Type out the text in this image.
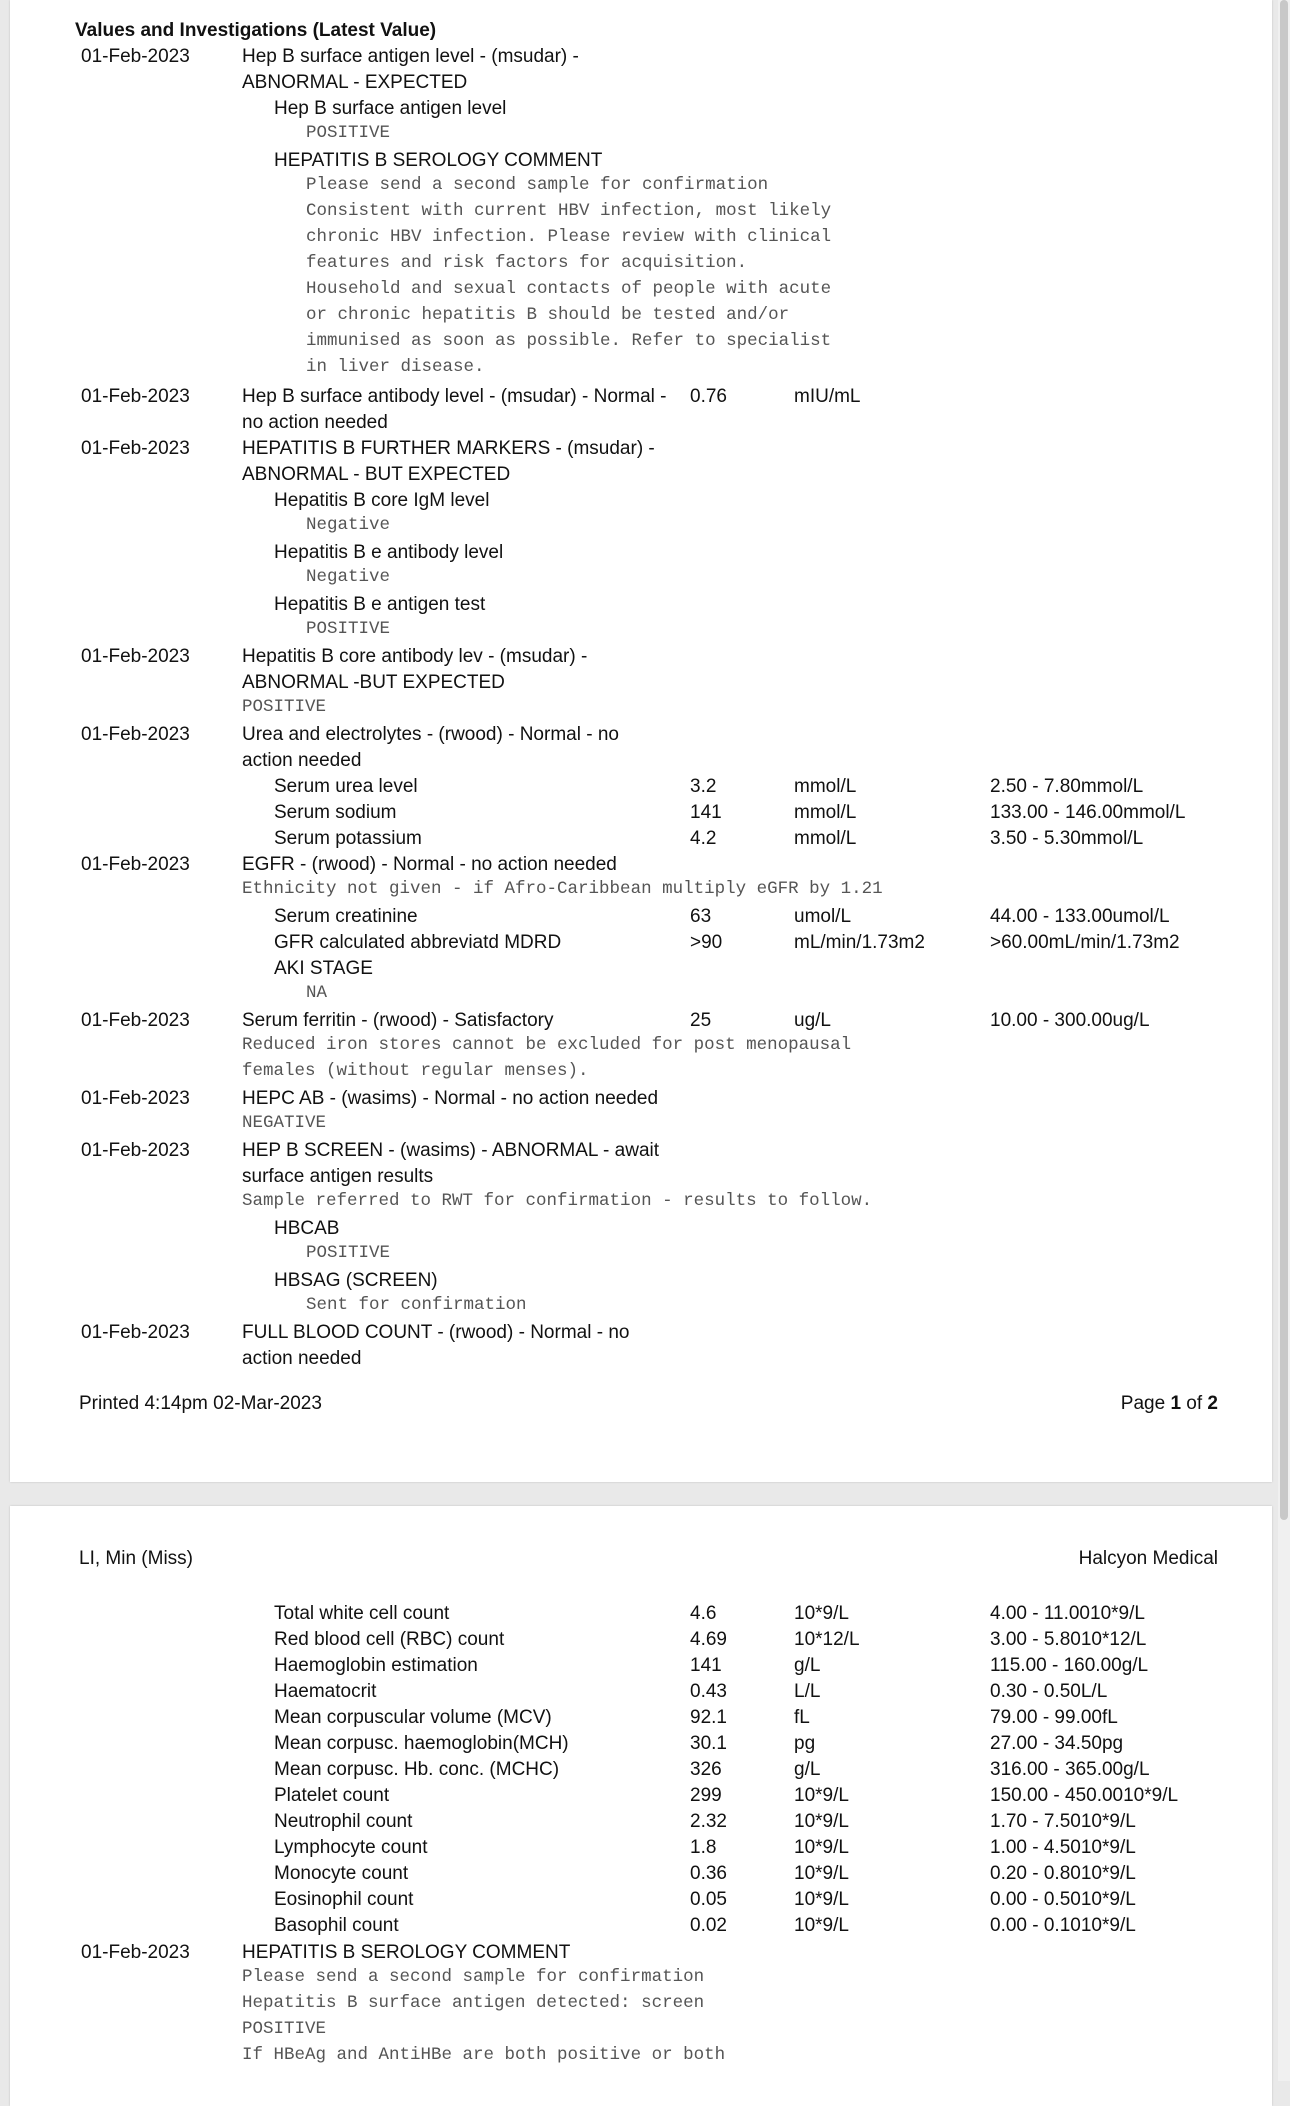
Values and Investigations (Latest Value)
01-Feb-2023	Hep B surface antigen level - (msudar) -
ABNORMAL - EXPECTED
Hep B surface antigen level
POSITIVE
HEPATITIS B SEROLOGY COMMENT
Please send a second sample for confirmation
Consistent with current HBV infection, most likely
chronic HBV infection. Please review with clinical
features and risk factors for acquisition.
Household and sexual contacts of people with acute
or chronic hepatitis B should be tested and/or
immunised as soon as possible. Refer to specialist
in liver disease.
01-Feb-2023	Hep B surface antibody level - (msudar) - Normal - 0.76	mIU/mL
no action needed
01-Feb-2023	HEPATITIS B FURTHER MARKERS - (msudar) -
ABNORMAL - BUT EXPECTED
Hepatitis B core IgM level
Negative
Hepatitis B e antibody level
Negative
Hepatitis B e antigen test
POSITIVE
01-Feb-2023	Hepatitis B core antibody lev - (msudar) -
ABNORMAL -BUT EXPECTED
POSITIVE
01-Feb-2023	Urea and electrolytes - (rwood) - Normal - no
action needed
Serum urea level	3.2	mmol/L	2.50 - 7.80mmol/L
Serum sodium	141	mmol/L	133.00 - 146.00mmol/L
Serum potassium	4.2	mmol/L	3.50 - 5.30mmol/L
01-Feb-2023	EGFR - (rwood) - Normal - no action needed
Ethnicity not given - if Afro-Caribbean multiply eGFR by 1.21
Serum creatinine	63	umol/L	44.00 - 133.00umol/L
GFR calculated abbreviatd MDRD	>90	mL/min/1.73m2	>60.00mL/min/1.73m2
AKI STAGE
NA
01-Feb-2023	Serum ferritin - (rwood) - Satisfactory	25	ug/L	10.00 - 300.00ug/L
Reduced iron stores cannot be excluded for post menopausal
females (without regular menses).
01-Feb-2023	HEPC AB - (wasims) - Normal - no action needed
NEGATIVE
01-Feb-2023	HEP B SCREEN - (wasims) - ABNORMAL - await
surface antigen results
Sample referred to RWT for confirmation - results to follow.
HBCAB
POSITIVE
HBSAG (SCREEN)
Sent for confirmation
01-Feb-2023	FULL BLOOD COUNT - (rwood) - Normal - no
action needed
Printed 4:14pm 02-Mar-2023	Page 1 of 2
LI, Min (Miss)	Halcyon Medical
Total white cell count	4.6	10*9/L	4.00 - 11.0010*9/L
Red blood cell (RBC) count	4.69	10*12/L	3.00 - 5.8010*12/L
Haemoglobin estimation	141	g/L	115.00 - 160.00g/L
Haematocrit	0.43	L/L	0.30 - 0.50L/L
Mean corpuscular volume (MCV)	92.1	fL	79.00 - 99.00fL
Mean corpusc. haemoglobin(MCH)	30.1	pg	27.00 - 34.50pg
Mean corpusc. Hb. conc. (MCHC)	326	g/L	316.00 - 365.00g/L
Platelet count	299	10*9/L	150.00 - 450.0010*9/L
Neutrophil count	2.32	10*9/L	1.70 - 7.5010*9/L
Lymphocyte count	1.8	10*9/L	1.00 - 4.5010*9/L
Monocyte count	0.36	10*9/L	0.20 - 0.8010*9/L
Eosinophil count	0.05	10*9/L	0.00 - 0.5010*9/L
Basophil count	0.02	10*9/L	0.00 - 0.1010*9/L
01-Feb-2023	HEPATITIS B SEROLOGY COMMENT
Please send a second sample for confirmation
Hepatitis B surface antigen detected: screen
POSITIVE
If HBeAg and AntiHBe are both positive or both
